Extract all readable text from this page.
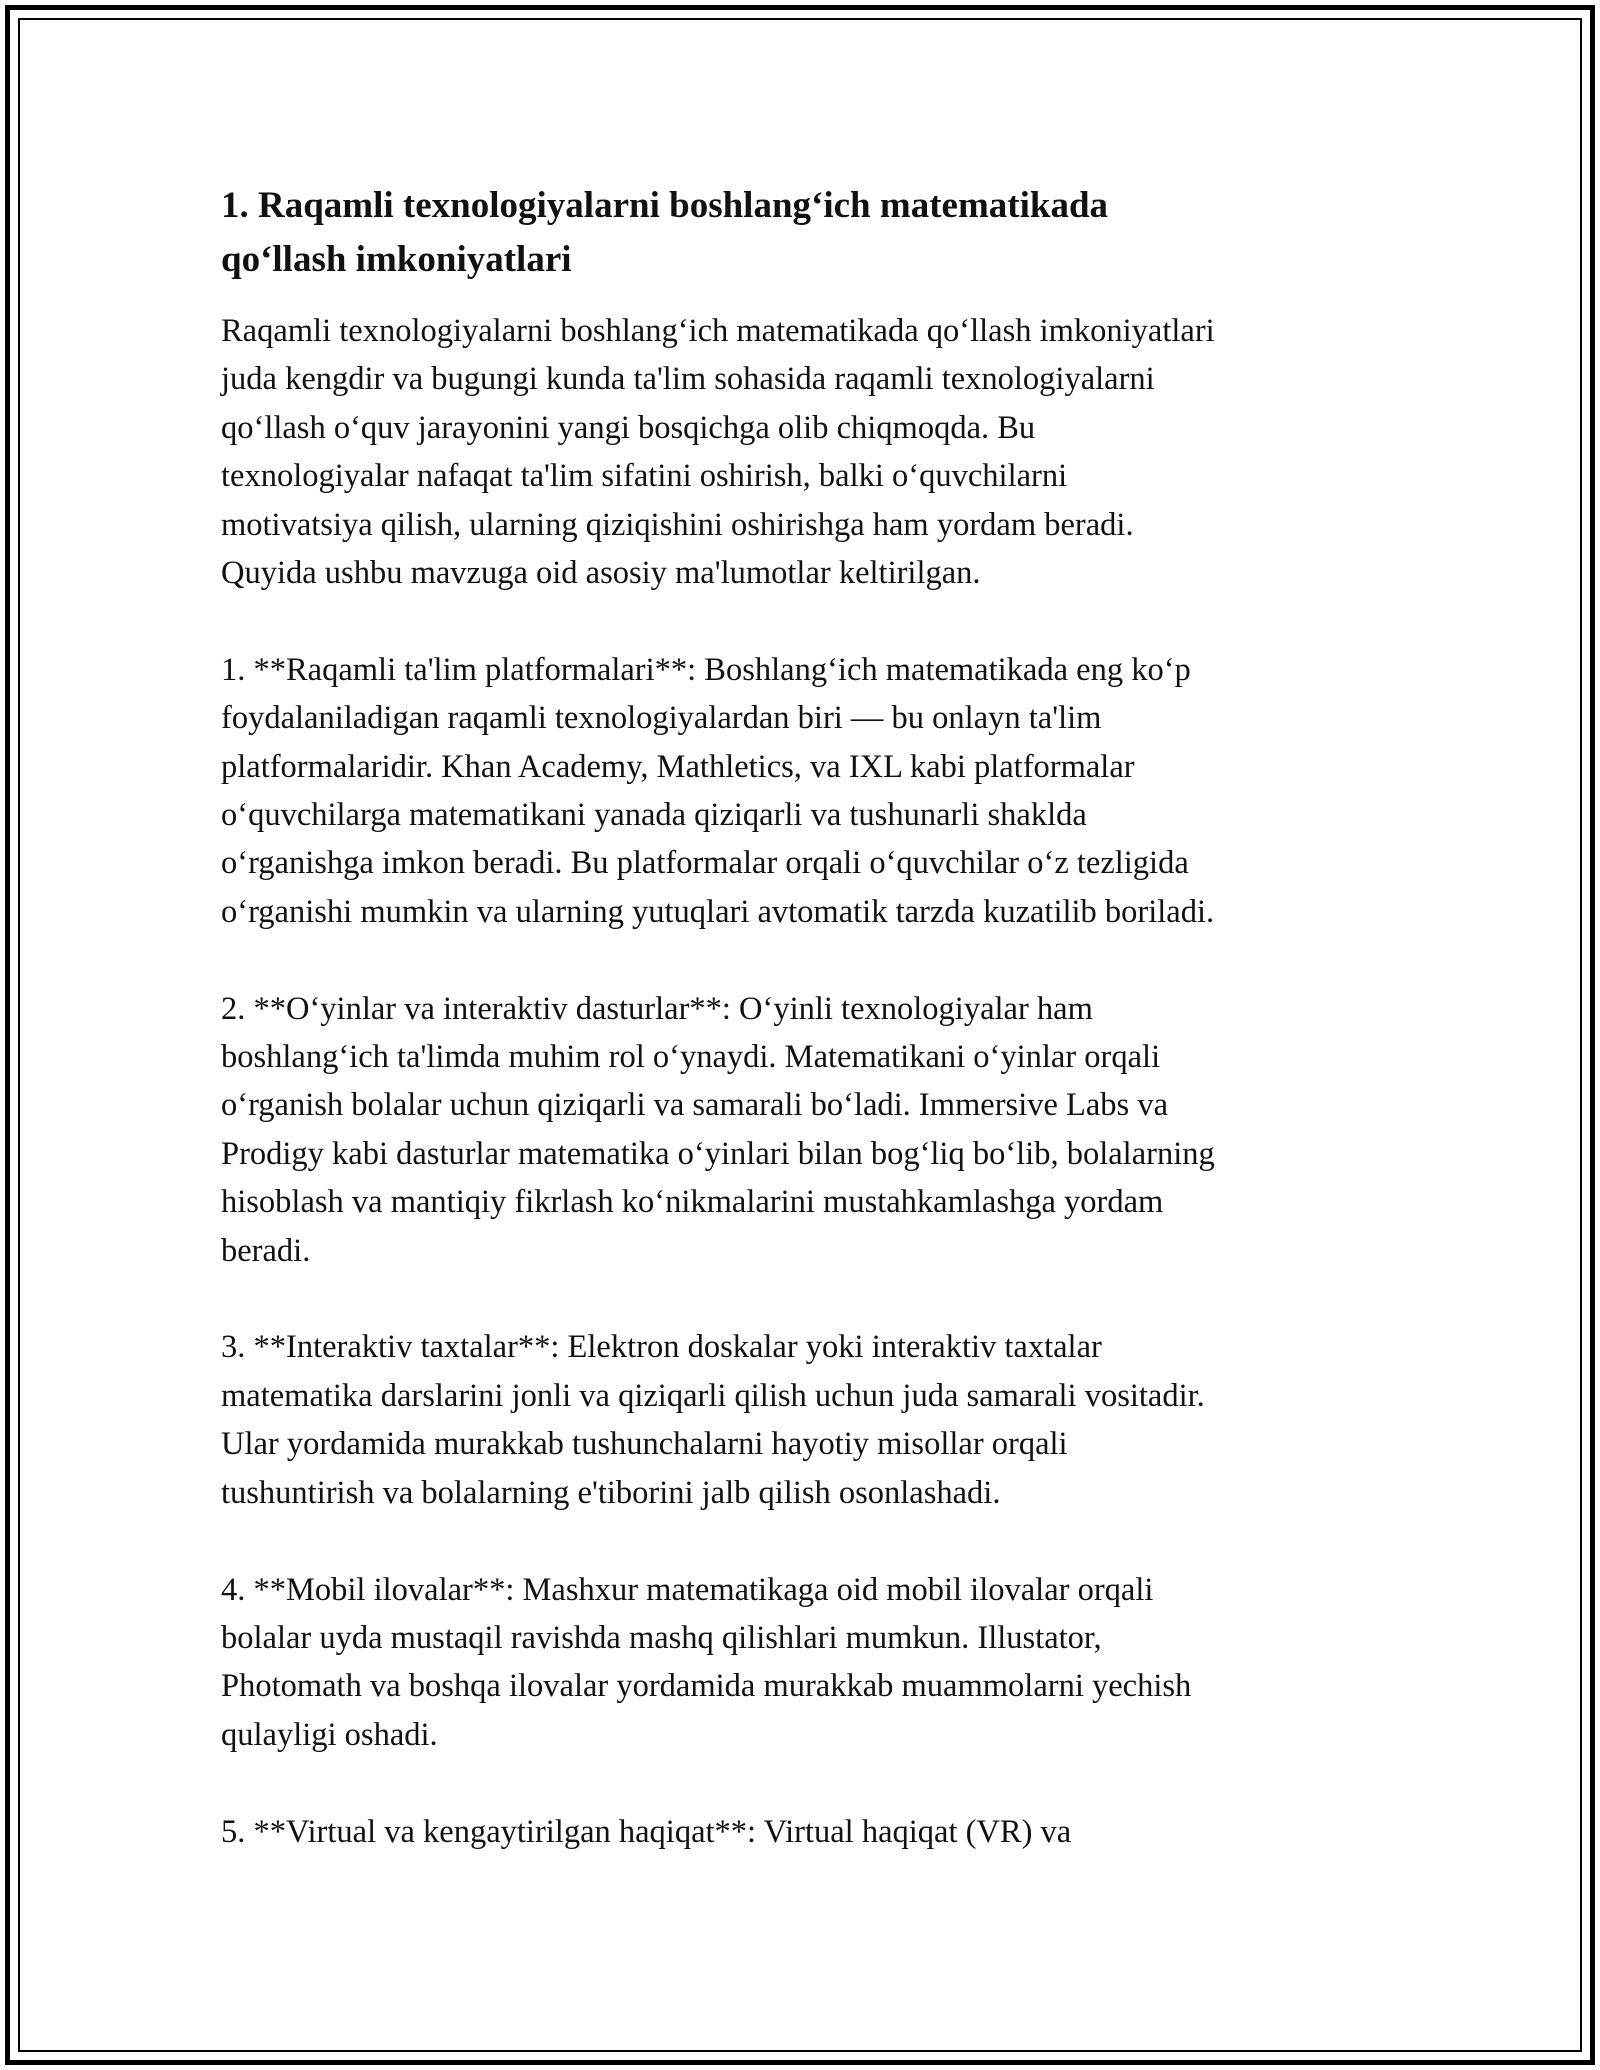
1. Raqamli texnologiyalarni boshlang‘ich matematikada
qo‘llash imkoniyatlari
Raqamli texnologiyalarni boshlang‘ich matematikada qo‘llash imkoniyatlari
juda kengdir va bugungi kunda ta'lim sohasida raqamli texnologiyalarni
qo‘llash o‘quv jarayonini yangi bosqichga olib chiqmoqda. Bu
texnologiyalar nafaqat ta'lim sifatini oshirish, balki o‘quvchilarni
motivatsiya qilish, ularning qiziqishini oshirishga ham yordam beradi.
Quyida ushbu mavzuga oid asosiy ma'lumotlar keltirilgan.
1. **Raqamli ta'lim platformalari**: Boshlang‘ich matematikada eng ko‘p
foydalaniladigan raqamli texnologiyalardan biri — bu onlayn ta'lim
platformalaridir. Khan Academy, Mathletics, va IXL kabi platformalar
o‘quvchilarga matematikani yanada qiziqarli va tushunarli shaklda
o‘rganishga imkon beradi. Bu platformalar orqali o‘quvchilar o‘z tezligida
o‘rganishi mumkin va ularning yutuqlari avtomatik tarzda kuzatilib boriladi.
2. **O‘yinlar va interaktiv dasturlar**: O‘yinli texnologiyalar ham
boshlang‘ich ta'limda muhim rol o‘ynaydi. Matematikani o‘yinlar orqali
o‘rganish bolalar uchun qiziqarli va samarali bo‘ladi. Immersive Labs va
Prodigy kabi dasturlar matematika o‘yinlari bilan bog‘liq bo‘lib, bolalarning
hisoblash va mantiqiy fikrlash ko‘nikmalarini mustahkamlashga yordam
beradi.
3. **Interaktiv taxtalar**: Elektron doskalar yoki interaktiv taxtalar
matematika darslarini jonli va qiziqarli qilish uchun juda samarali vositadir.
Ular yordamida murakkab tushunchalarni hayotiy misollar orqali
tushuntirish va bolalarning e'tiborini jalb qilish osonlashadi.
4. **Mobil ilovalar**: Mashxur matematikaga oid mobil ilovalar orqali
bolalar uyda mustaqil ravishda mashq qilishlari mumkun. Illustator,
Photomath va boshqa ilovalar yordamida murakkab muammolarni yechish
qulayligi oshadi.
5. **Virtual va kengaytirilgan haqiqat**: Virtual haqiqat (VR) va
